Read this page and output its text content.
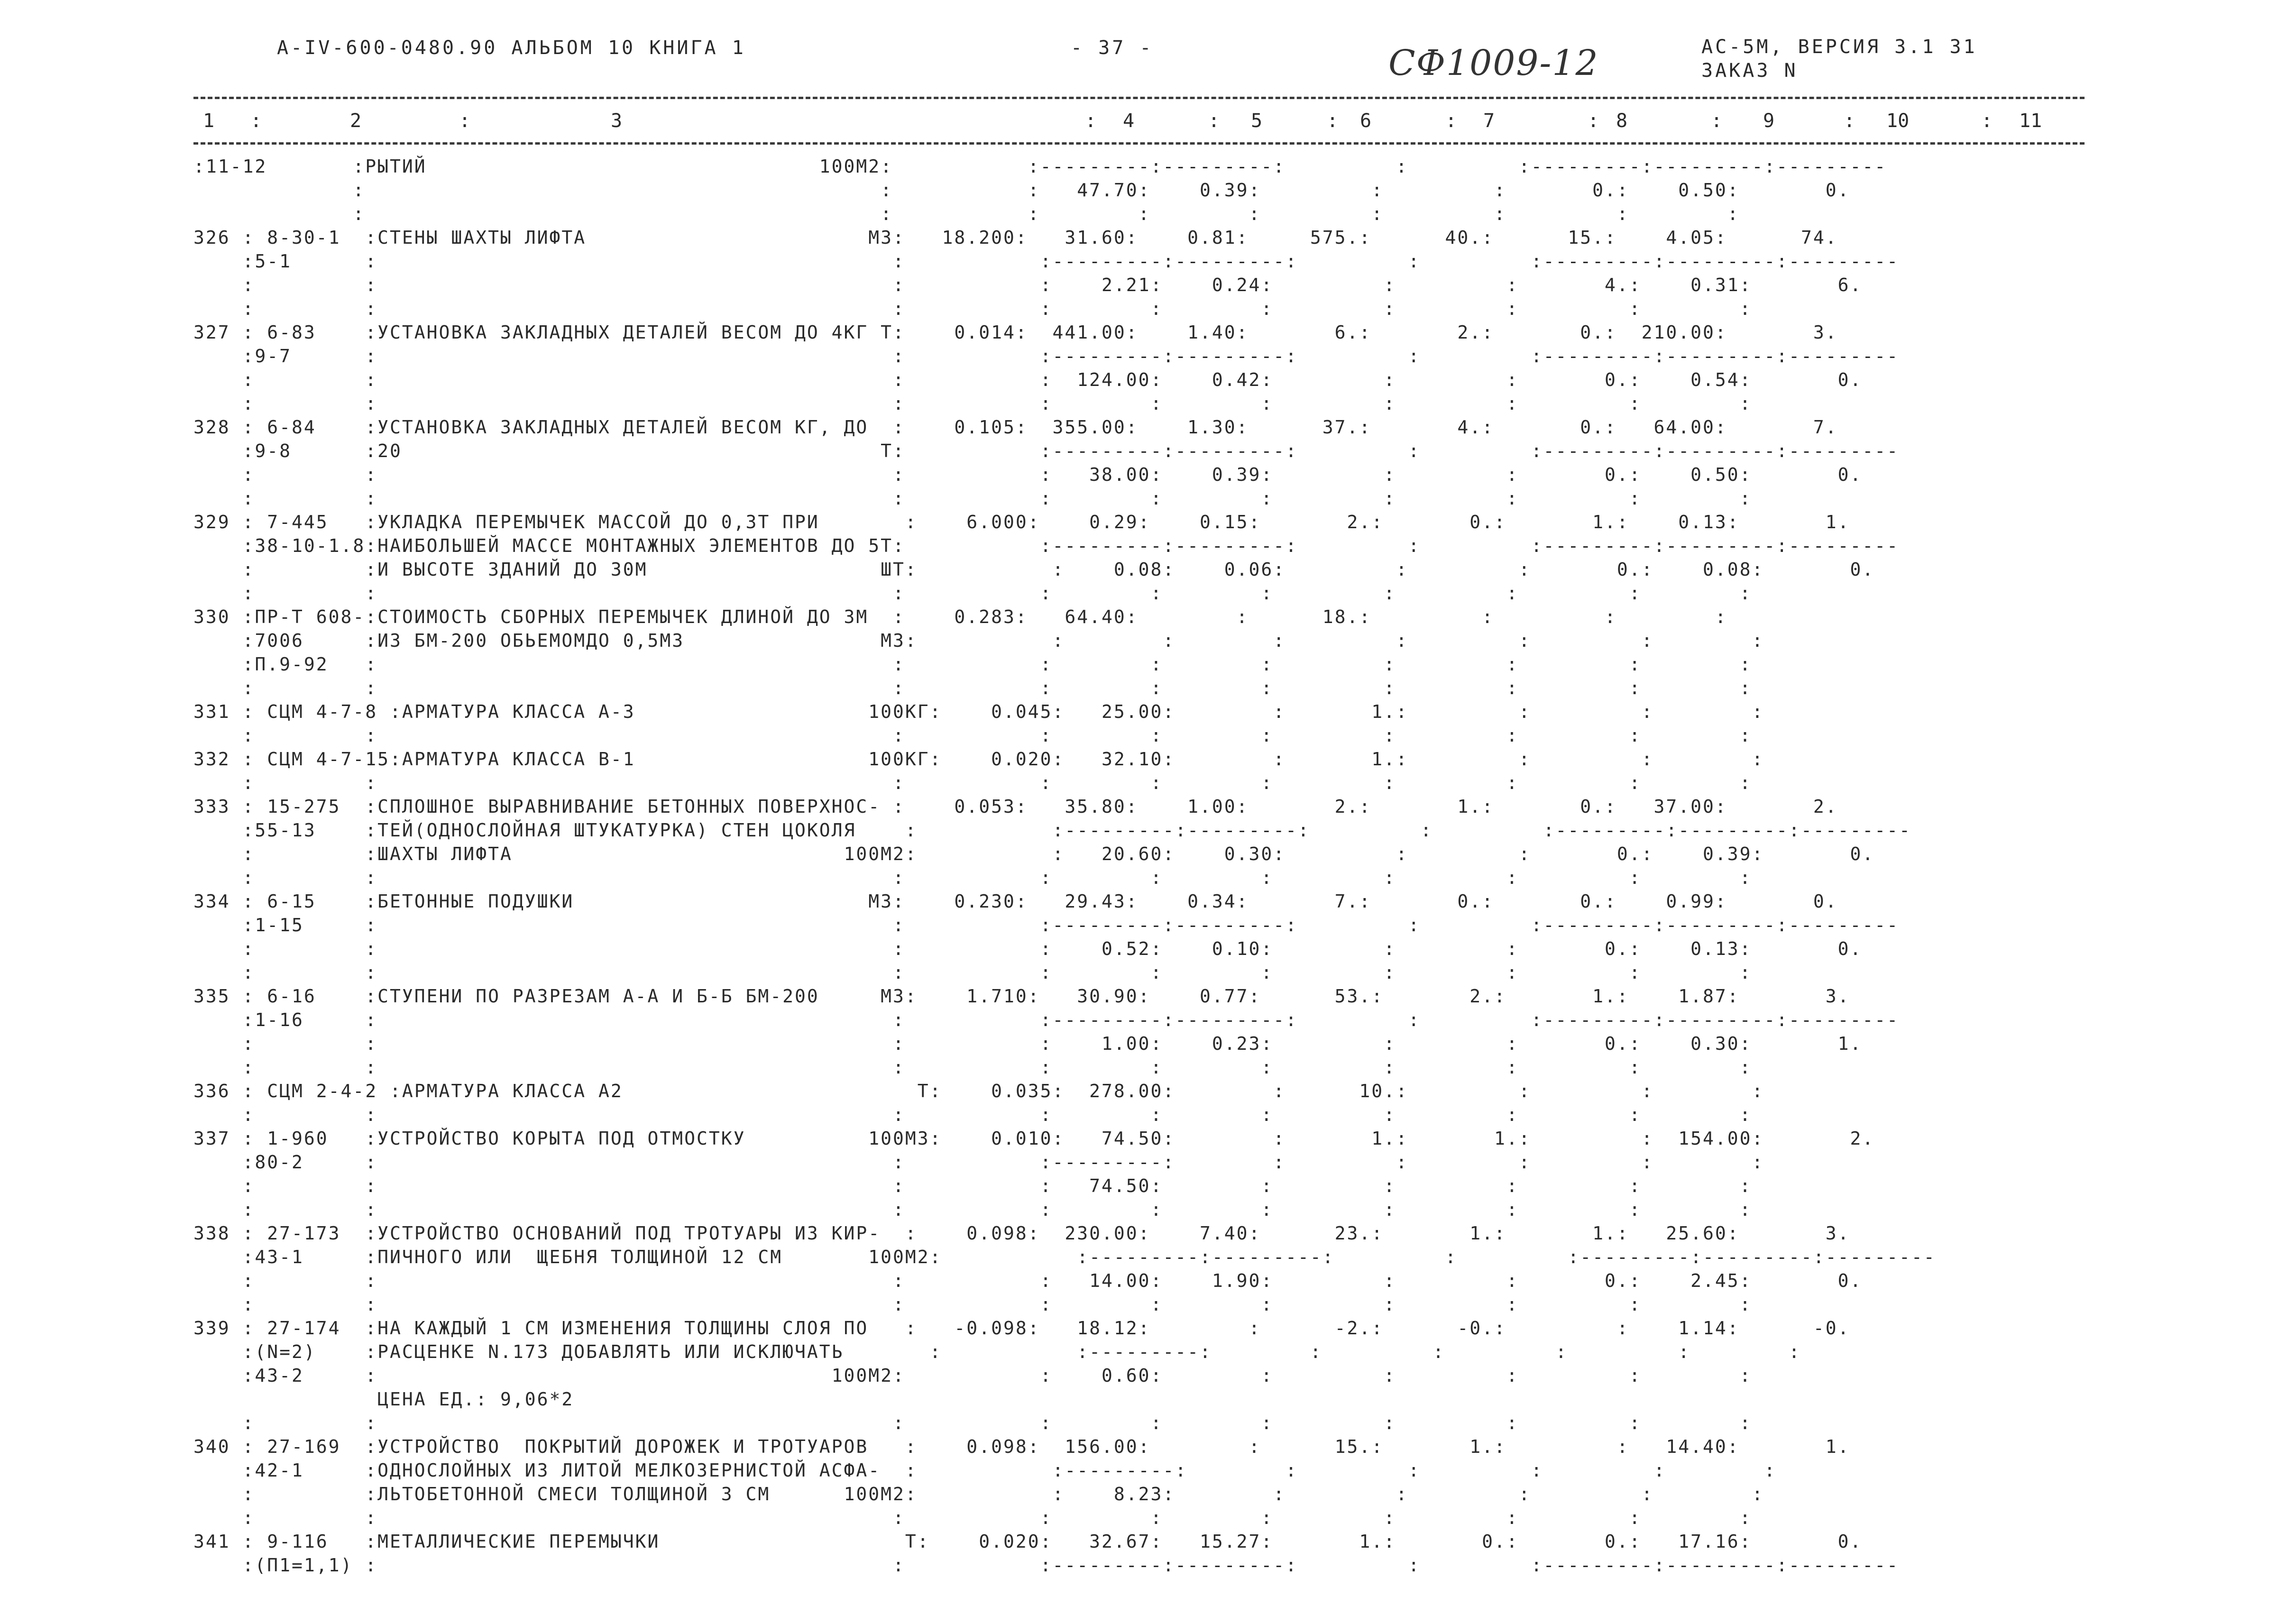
А-IV-600-0480.90 АЛЬБОМ 10 КНИГА 1	- 37 -	СФ1009-12	АС-5М, ВЕРСИЯ 3.1 31
ЗАКАЗ N
1 :	2	:	3	: 4	: 5	: 6	: 7	: 8	: 9	: 10	: 11
:11-12       :РЫТИЙ                                100М2:           :---------:---------:         :         :---------:---------:---------
:                                          :           :   47.70:    0.39:         :         :       0.:    0.50:       0.
:                                          :           :        :        :         :         :         :        :
326 : 8-30-1  :СТЕНЫ ШАХТЫ ЛИФТА                       М3:   18.200:   31.60:    0.81:     575.:      40.:      15.:    4.05:      74.
:5-1      :                                          :           :---------:---------:         :         :---------:---------:---------
:         :                                          :           :    2.21:    0.24:         :         :       4.:    0.31:       6.
:         :                                          :           :        :        :         :         :         :        :
327 : 6-83    :УСТАНОВКА ЗАКЛАДНЫХ ДЕТАЛЕЙ ВЕСОМ ДО 4КГ Т:    0.014:  441.00:    1.40:       6.:       2.:       0.:  210.00:       3.
:9-7      :                                          :           :---------:---------:         :         :---------:---------:---------
:         :                                          :           :  124.00:    0.42:         :         :       0.:    0.54:       0.
:         :                                          :           :        :        :         :         :         :        :
328 : 6-84    :УСТАНОВКА ЗАКЛАДНЫХ ДЕТАЛЕЙ ВЕСОМ КГ, ДО  :    0.105:  355.00:    1.30:      37.:       4.:       0.:   64.00:       7.
:9-8      :20                                       Т:           :---------:---------:         :         :---------:---------:---------
:         :                                          :           :   38.00:    0.39:         :         :       0.:    0.50:       0.
:         :                                          :           :        :        :         :         :         :        :
329 : 7-445   :УКЛАДКА ПЕРЕМЫЧЕК МАССОЙ ДО 0,3Т ПРИ       :    6.000:    0.29:    0.15:       2.:       0.:       1.:    0.13:       1.
:38-10-1.8:НАИБОЛЬШЕЙ МАССЕ МОНТАЖНЫХ ЭЛЕМЕНТОВ ДО 5Т:           :---------:---------:         :         :---------:---------:---------
:         :И ВЫСОТЕ ЗДАНИЙ ДО 30М                   ШТ:           :    0.08:    0.06:         :         :       0.:    0.08:       0.
:         :                                          :           :        :        :         :         :         :        :
330 :ПР-Т 608-:СТОИМОСТЬ СБОРНЫХ ПЕРЕМЫЧЕК ДЛИНОЙ ДО 3М  :    0.283:   64.40:        :      18.:         :         :        :
:7006     :ИЗ БМ-200 ОБЬЕМОМДО 0,5М3                М3:           :        :        :         :         :         :        :
:П.9-92   :                                          :           :        :        :         :         :         :        :
:         :                                          :           :        :        :         :         :         :        :
331 : СЦМ 4-7-8 :АРМАТУРА КЛАССА А-3                   100КГ:    0.045:   25.00:        :       1.:         :         :        :
:         :                                          :           :        :        :         :         :         :        :
332 : СЦМ 4-7-15:АРМАТУРА КЛАССА В-1                   100КГ:    0.020:   32.10:        :       1.:         :         :        :
:         :                                          :           :        :        :         :         :         :        :
333 : 15-275  :СПЛОШНОЕ ВЫРАВНИВАНИЕ БЕТОННЫХ ПОВЕРХНОС- :    0.053:   35.80:    1.00:       2.:       1.:       0.:   37.00:       2.
:55-13    :ТЕЙ(ОДНОСЛОЙНАЯ ШТУКАТУРКА) СТЕН ЦОКОЛЯ    :           :---------:---------:         :         :---------:---------:---------
:         :ШАХТЫ ЛИФТА                           100М2:           :   20.60:    0.30:         :         :       0.:    0.39:       0.
:         :                                          :           :        :        :         :         :         :        :
334 : 6-15    :БЕТОННЫЕ ПОДУШКИ                        М3:    0.230:   29.43:    0.34:       7.:       0.:       0.:    0.99:       0.
:1-15     :                                          :           :---------:---------:         :         :---------:---------:---------
:         :                                          :           :    0.52:    0.10:         :         :       0.:    0.13:       0.
:         :                                          :           :        :        :         :         :         :        :
335 : 6-16    :СТУПЕНИ ПО РАЗРЕЗАМ А-А И Б-Б БМ-200     М3:    1.710:   30.90:    0.77:      53.:       2.:       1.:    1.87:       3.
:1-16     :                                          :           :---------:---------:         :         :---------:---------:---------
:         :                                          :           :    1.00:    0.23:         :         :       0.:    0.30:       1.
:         :                                          :           :        :        :         :         :         :        :
336 : СЦМ 2-4-2 :АРМАТУРА КЛАССА А2                        Т:    0.035:  278.00:        :      10.:         :         :        :
:         :                                          :           :        :        :         :         :         :        :
337 : 1-960   :УСТРОЙСТВО КОРЫТА ПОД ОТМОСТКУ          100М3:    0.010:   74.50:        :       1.:       1.:         :  154.00:       2.
:80-2     :                                          :           :---------:        :         :         :         :        :
:         :                                          :           :   74.50:        :         :         :         :        :
:         :                                          :           :        :        :         :         :         :        :
338 : 27-173  :УСТРОЙСТВО ОСНОВАНИЙ ПОД ТРОТУАРЫ ИЗ КИР-  :    0.098:  230.00:    7.40:      23.:       1.:       1.:   25.60:       3.
:43-1     :ПИЧНОГО ИЛИ  ЩЕБНЯ ТОЛЩИНОЙ 12 СМ       100М2:           :---------:---------:         :         :---------:---------:---------
:         :                                          :           :   14.00:    1.90:         :         :       0.:    2.45:       0.
:         :                                          :           :        :        :         :         :         :        :
339 : 27-174  :НА КАЖДЫЙ 1 СМ ИЗМЕНЕНИЯ ТОЛЩИНЫ СЛОЯ ПО   :   -0.098:   18.12:        :      -2.:      -0.:         :    1.14:      -0.
:(N=2)    :РАСЦЕНКЕ N.173 ДОБАВЛЯТЬ ИЛИ ИСКЛЮЧАТЬ       :           :---------:        :         :         :         :        :
:43-2     :                                     100М2:           :    0.60:        :         :         :         :        :
ЦЕНА ЕД.: 9,06*2
:         :                                          :           :        :        :         :         :         :        :
340 : 27-169  :УСТРОЙСТВО  ПОКРЫТИЙ ДОРОЖЕК И ТРОТУАРОВ   :    0.098:  156.00:        :      15.:       1.:         :   14.40:       1.
:42-1     :ОДНОСЛОЙНЫХ ИЗ ЛИТОЙ МЕЛКОЗЕРНИСТОЙ АСФА-  :           :---------:        :         :         :         :        :
:         :ЛЬТОБЕТОННОЙ СМЕСИ ТОЛЩИНОЙ 3 СМ      100М2:           :    8.23:        :         :         :         :        :
:         :                                          :           :        :        :         :         :         :        :
341 : 9-116   :МЕТАЛЛИЧЕСКИЕ ПЕРЕМЫЧКИ                    Т:    0.020:   32.67:   15.27:       1.:       0.:       0.:   17.16:       0.
:(П1=1,1) :                                          :           :---------:---------:         :         :---------:---------:---------
